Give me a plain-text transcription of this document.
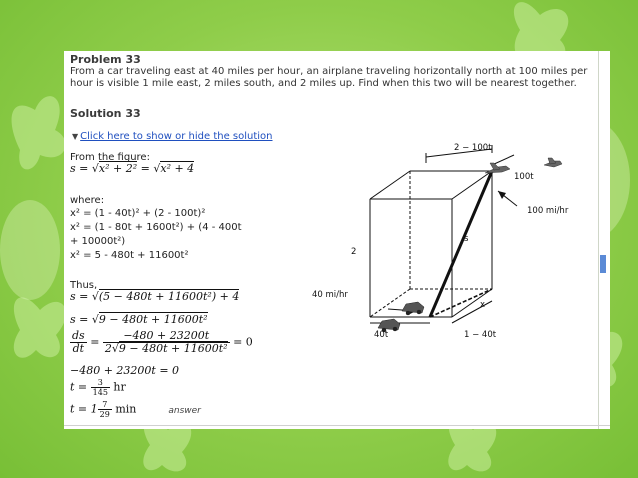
Problem 33
From a car traveling east at 40 miles per hour, an airplane traveling horizontally north at 100 miles per hour is visible 1 mile east, 2 miles south, and 2 miles up. Find when this two will be nearest together.
Solution 33
▼ Click here to show or hide the solution
From the figure:
s = √x² + 2² = √x² + 4
where:
x² = (1 - 40t)² + (2 - 100t)²
x² = (1 - 80t + 1600t²) + (4 - 400t
+ 10000t²)
x² = 5 - 480t + 11600t²
Thus,
s = √(5 − 480t + 11600t²) + 4
s = √9 − 480t + 11600t²
$\frac{ds}{dt} = \frac{-480 + 23200t}{\text{2√9 − 480t + 11600t²}} = 0$
−480 + 23200t = 0
$t = \frac{3}{145}$ hr
$t = 1 \frac{7}{29}$ min	answer
2 − 100t
100t
2
s
100 mi/hr
40 mi/hr
x
40t	1 − 40t
